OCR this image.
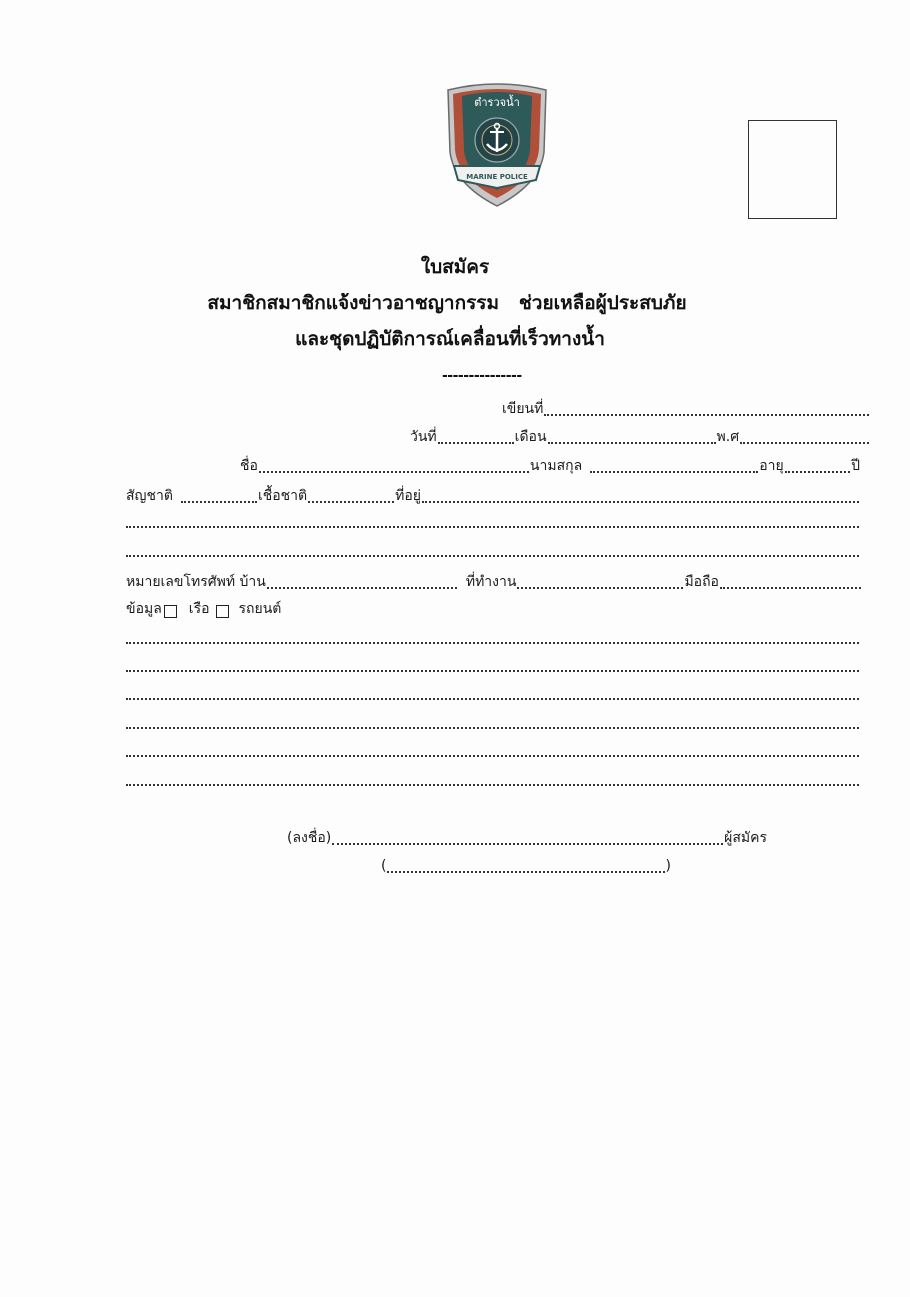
ตำรวจน้ำ
MARINE POLICE
ใบสมัคร
สมาชิกสมาชิกแจ้งข่าวอาชญากรรม   ช่วยเหลือผู้ประสบภัย
และชุดปฏิบัติการณ์เคลื่อนที่เร็วทางน้ำ
---------------
เขียนที่
วันที่	เดือน	พ.ศ
ชื่อ	นามสกุล	อายุ	ปี
สัญชาติ	เชื้อชาติ	ที่อยู่
หมายเลขโทรศัพท์ บ้าน	ที่ทำงาน	มือถือ
ข้อมูล เรือ รถยนต์
(ลงชื่อ)	ผู้สมัคร
(	)
